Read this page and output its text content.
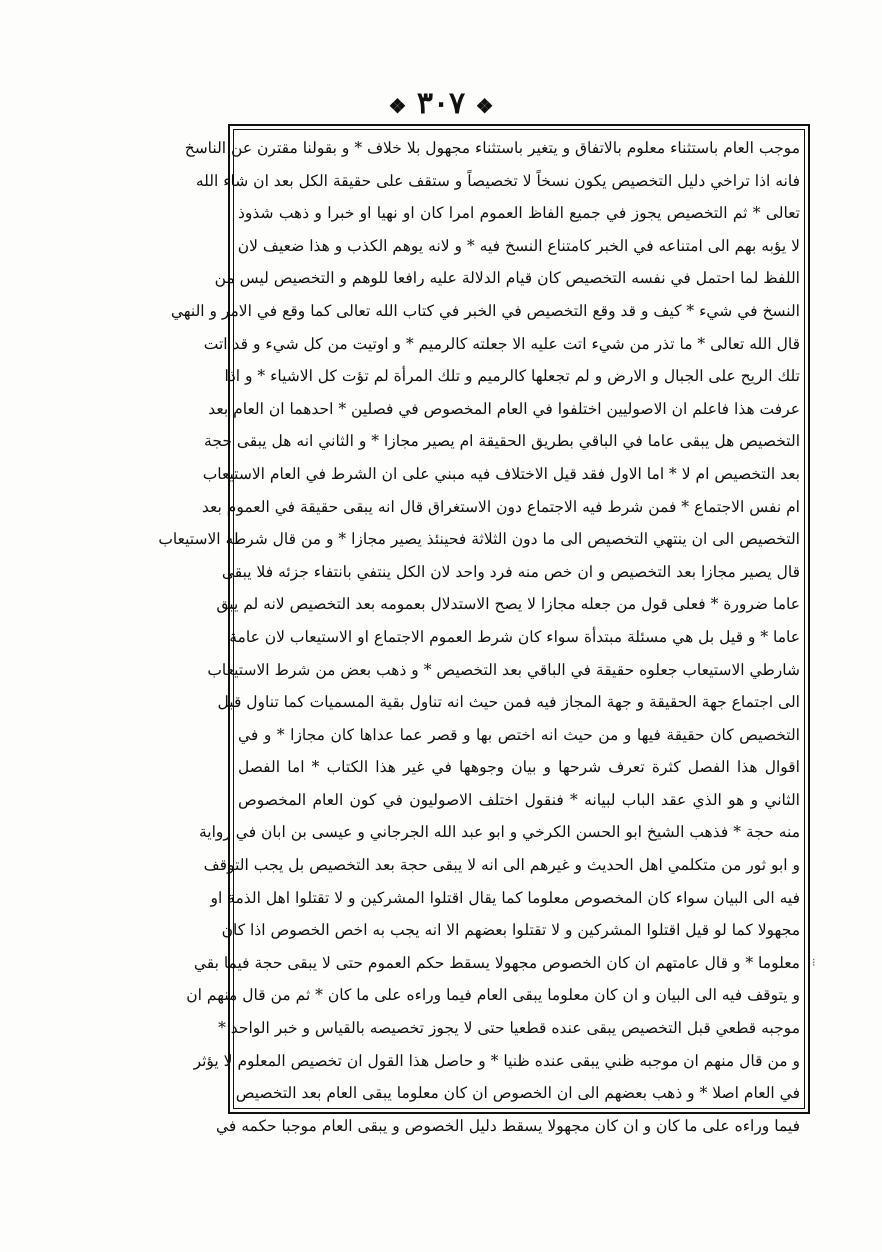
❖ ٣٠٧ ❖
موجب العام باستثناء معلوم بالاتفاق و يتغير باستثناء مجهول بلا خلاف * و بقولنا مقترن عن الناسخ
فانه اذا تراخي دليل التخصيص يكون نسخاً لا تخصيصاً و ستقف على حقيقة الكل بعد ان شاء الله
تعالى * ثم التخصيص يجوز في جميع الفاظ العموم امرا كان او نهيا او خبرا و ذهب شذوذ
لا يؤبه بهم الى امتناعه في الخبر كامتناع النسخ فيه * و لانه يوهم الكذب و هذا ضعيف لان
اللفظ لما احتمل في نفسه التخصيص كان قيام الدلالة عليه رافعا للوهم و التخصيص ليس من
النسخ في شيء * كيف و قد وقع التخصيص في الخبر في كتاب الله تعالى كما وقع في الامر و النهي
قال الله تعالى * ما تذر من شيء اتت عليه الا جعلته كالرميم * و اوتيت من كل شيء و قد اتت
تلك الريح على الجبال و الارض و لم تجعلها كالرميم و تلك المرأة لم تؤت كل الاشياء * و اذا
عرفت هذا فاعلم ان الاصوليين اختلفوا في العام المخصوص في فصلين * احدهما ان العام بعد
التخصيص هل يبقى عاما في الباقي بطريق الحقيقة ام يصير مجازا * و الثاني انه هل يبقى حجة
بعد التخصيص ام لا * اما الاول فقد قيل الاختلاف فيه مبني على ان الشرط في العام الاستيعاب
ام نفس الاجتماع * فمن شرط فيه الاجتماع دون الاستغراق قال انه يبقى حقيقة في العموم بعد
التخصيص الى ان ينتهي التخصيص الى ما دون الثلاثة فحينئذ يصير مجازا * و من قال شرطه الاستيعاب
قال يصير مجازا بعد التخصيص و ان خص منه فرد واحد لان الكل ينتفي بانتفاء جزئه فلا يبقى
عاما ضرورة * فعلى قول من جعله مجازا لا يصح الاستدلال بعمومه بعد التخصيص لانه لم يبق
عاما * و قيل بل هي مسئلة مبتدأة سواء كان شرط العموم الاجتماع او الاستيعاب لان عامة
شارطي الاستيعاب جعلوه حقيقة في الباقي بعد التخصيص * و ذهب بعض من شرط الاستيعاب
الى اجتماع جهة الحقيقة و جهة المجاز فيه فمن حيث انه تناول بقية المسميات كما تناول قبل
التخصيص كان حقيقة فيها و من حيث انه اختص بها و قصر عما عداها كان مجازا * و في
اقوال هذا الفصل كثرة تعرف شرحها و بيان وجوهها في غير هذا الكتاب * اما الفصل
الثاني و هو الذي عقد الباب لبيانه * فنقول اختلف الاصوليون في كون العام المخصوص
منه حجة * فذهب الشيخ ابو الحسن الكرخي و ابو عبد الله الجرجاني و عيسى بن ابان في رواية
و ابو ثور من متكلمي اهل الحديث و غيرهم الى انه لا يبقى حجة بعد التخصيص بل يجب التوقف
فيه الى البيان سواء كان المخصوص معلوما كما يقال اقتلوا المشركين و لا تقتلوا اهل الذمة او
مجهولا كما لو قيل اقتلوا المشركين و لا تقتلوا بعضهم الا انه يجب به اخص الخصوص اذا كان
معلوما * و قال عامتهم ان كان الخصوص مجهولا يسقط حكم العموم حتى لا يبقى حجة فيما بقي
و يتوقف فيه الى البيان و ان كان معلوما يبقى العام فيما وراءه على ما كان * ثم من قال منهم ان
موجبه قطعي قبل التخصيص يبقى عنده قطعيا حتى لا يجوز تخصيصه بالقياس و خبر الواحد *
و من قال منهم ان موجبه ظني يبقى عنده ظنيا * و حاصل هذا القول ان تخصيص المعلوم لا يؤثر
في العام اصلا * و ذهب بعضهم الى ان الخصوص ان كان معلوما يبقى العام بعد التخصيص
فيما وراءه على ما كان و ان كان مجهولا يسقط دليل الخصوص و يبقى العام موجبا حكمه في
⁝
